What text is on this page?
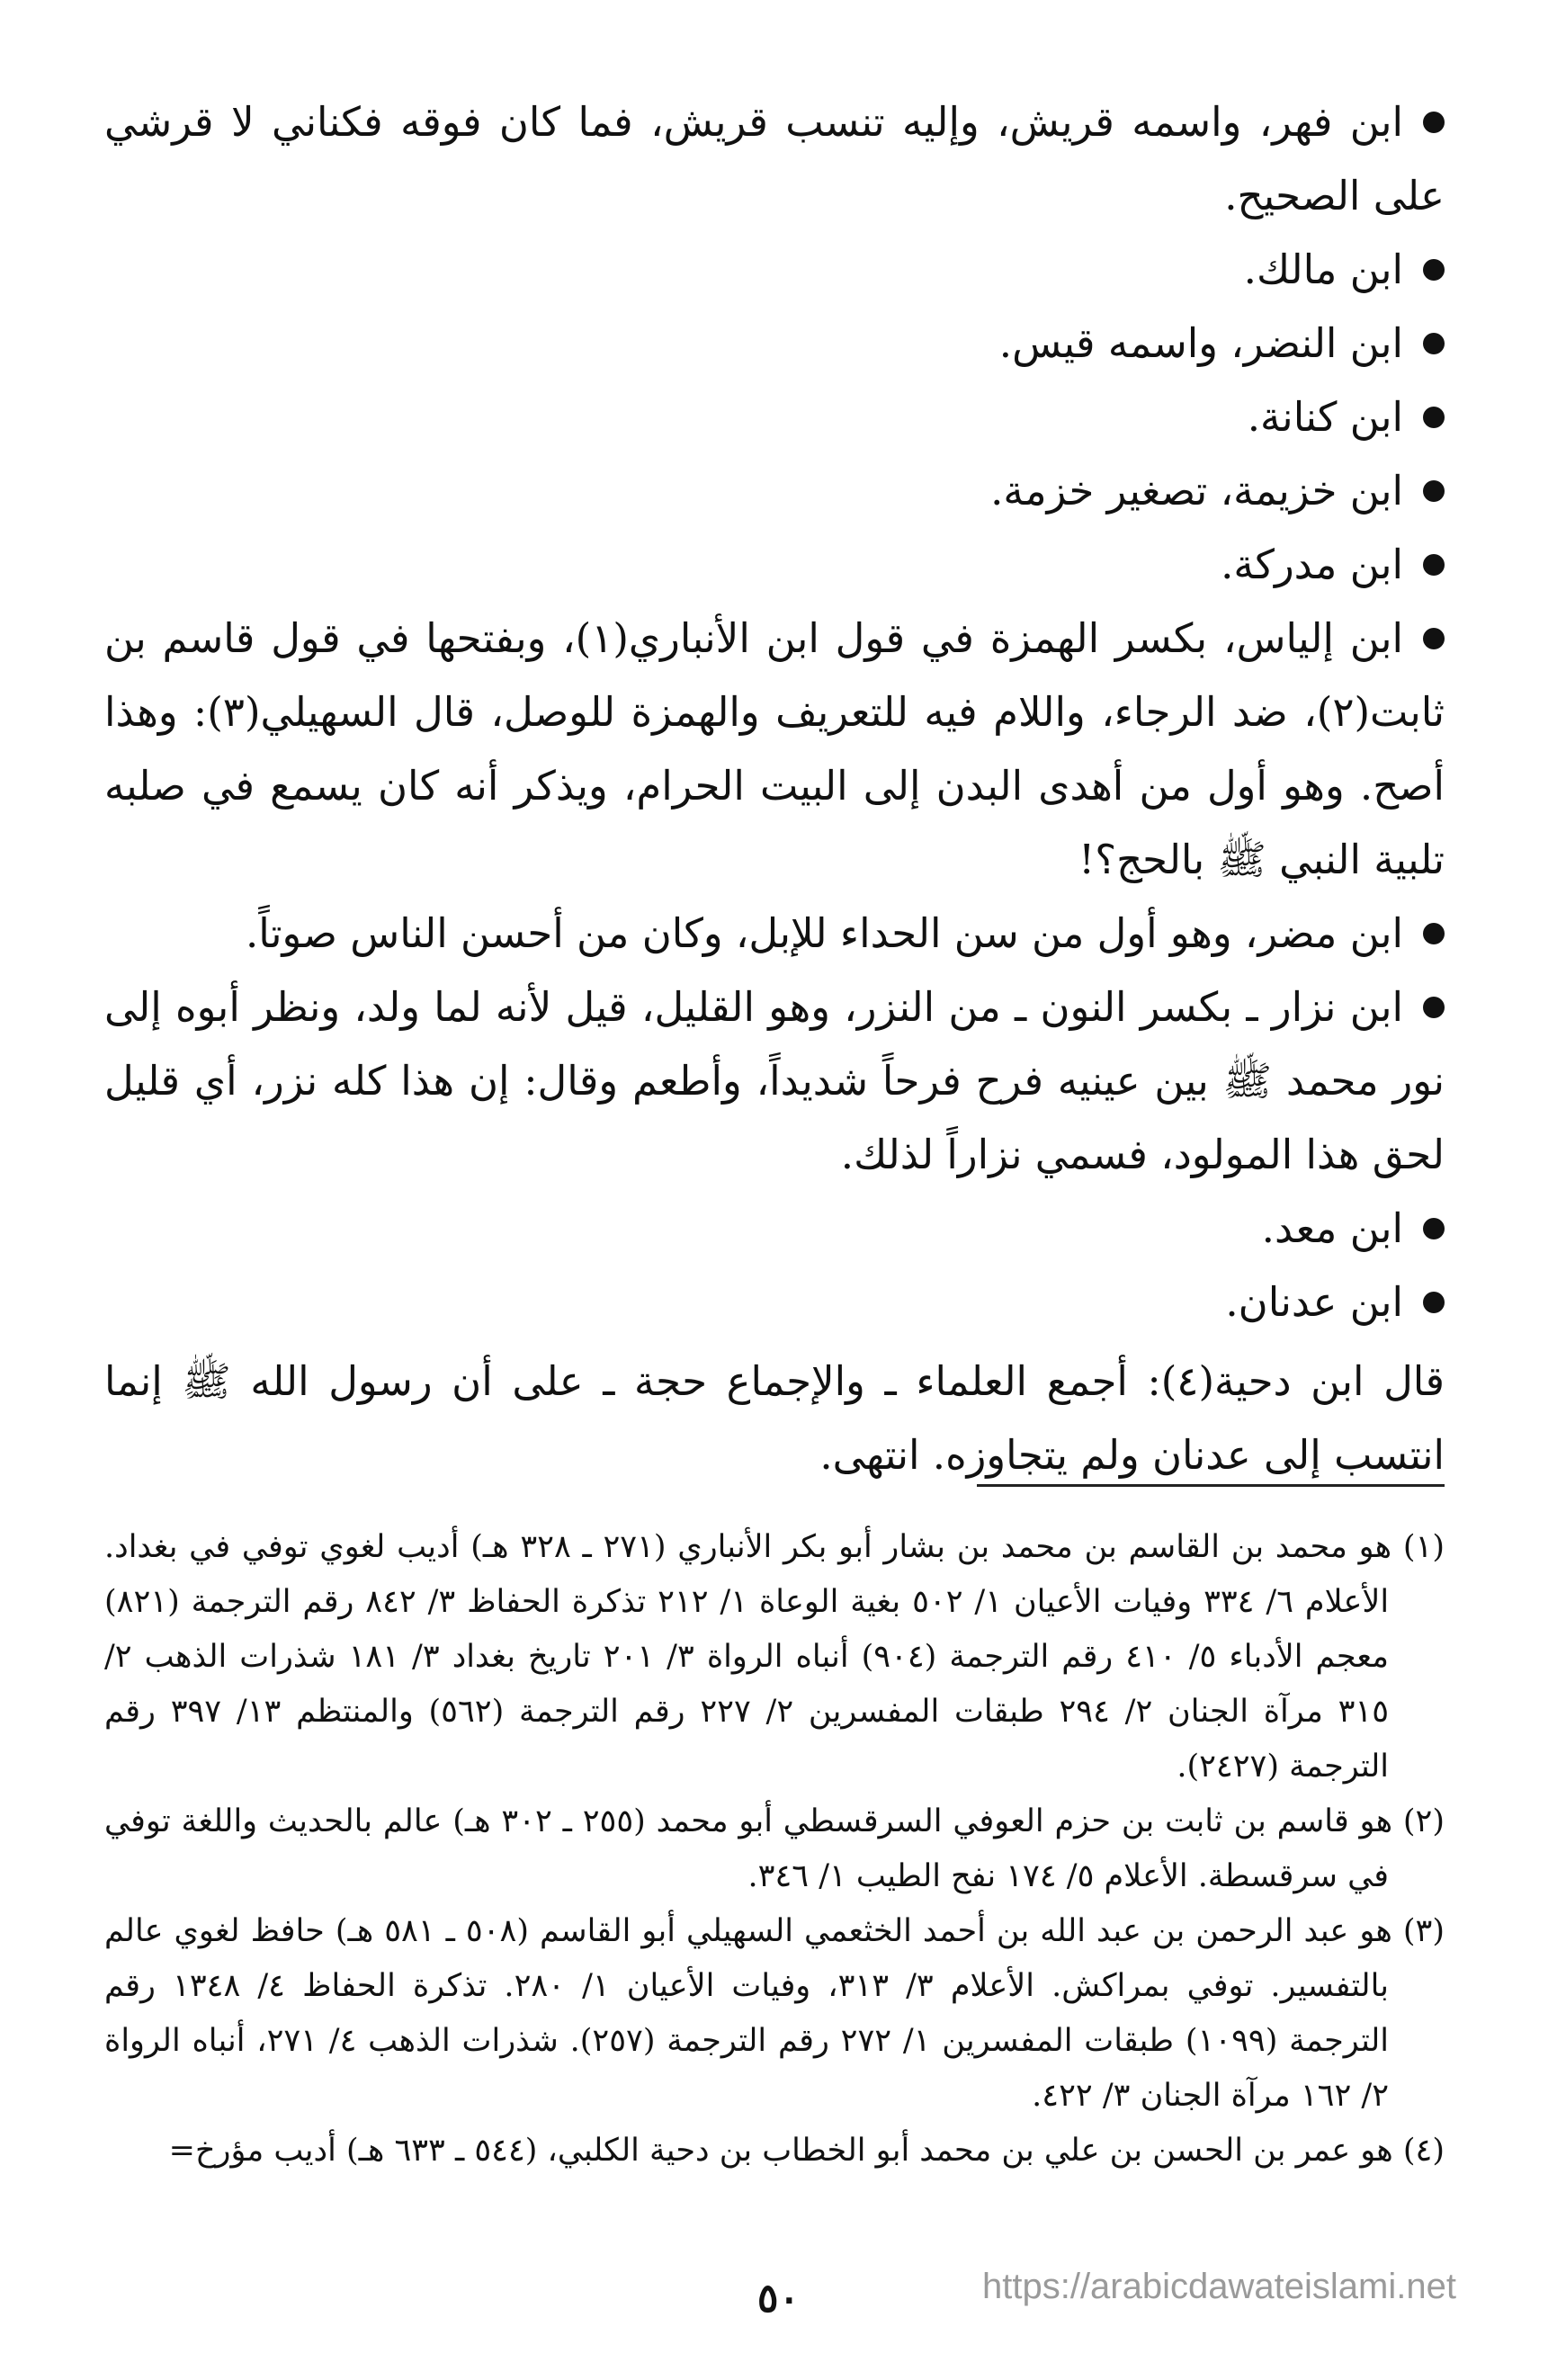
ابن فهر، واسمه قريش، وإليه تنسب قريش، فما كان فوقه فكناني لا قرشي على الصحيح.

ابن مالك.

ابن النضر، واسمه قيس.

ابن كنانة.

ابن خزيمة، تصغير خزمة.

ابن مدركة.

ابن إلياس، بكسر الهمزة في قول ابن الأنباري(١)، وبفتحها في قول قاسم بن ثابت(٢)، ضد الرجاء، واللام فيه للتعريف والهمزة للوصل، قال السهيلي(٣): وهذا أصح. وهو أول من أهدى البدن إلى البيت الحرام، ويذكر أنه كان يسمع في صلبه تلبية النبي ﷺ بالحج؟!

ابن مضر، وهو أول من سن الحداء للإبل، وكان من أحسن الناس صوتاً.

ابن نزار ـ بكسر النون ـ من النزر، وهو القليل، قيل لأنه لما ولد، ونظر أبوه إلى نور محمد ﷺ بين عينيه فرح فرحاً شديداً، وأطعم وقال: إن هذا كله نزر، أي قليل لحق هذا المولود، فسمي نزاراً لذلك.

ابن معد.

ابن عدنان.

قال ابن دحية(٤): أجمع العلماء ـ والإجماع حجة ـ على أن رسول الله ﷺ إنما انتسب إلى عدنان ولم يتجاوزه. انتهى.

(١) هو محمد بن القاسم بن محمد بن بشار أبو بكر الأنباري (٢٧١ ـ ٣٢٨ هـ) أديب لغوي توفي في بغداد. الأعلام ٦/ ٣٣٤ وفيات الأعيان ١/ ٥٠٢ بغية الوعاة ١/ ٢١٢ تذكرة الحفاظ ٣/ ٨٤٢ رقم الترجمة (٨٢١) معجم الأدباء ٥/ ٤١٠ رقم الترجمة (٩٠٤) أنباه الرواة ٣/ ٢٠١ تاريخ بغداد ٣/ ١٨١ شذرات الذهب ٢/ ٣١٥ مرآة الجنان ٢/ ٢٩٤ طبقات المفسرين ٢/ ٢٢٧ رقم الترجمة (٥٦٢) والمنتظم ١٣/ ٣٩٧ رقم الترجمة (٢٤٢٧).

(٢) هو قاسم بن ثابت بن حزم العوفي السرقسطي أبو محمد (٢٥٥ ـ ٣٠٢ هـ) عالم بالحديث واللغة توفي في سرقسطة. الأعلام ٥/ ١٧٤ نفح الطيب ١/ ٣٤٦.

(٣) هو عبد الرحمن بن عبد الله بن أحمد الخثعمي السهيلي أبو القاسم (٥٠٨ ـ ٥٨١ هـ) حافظ لغوي عالم بالتفسير. توفي بمراكش. الأعلام ٣/ ٣١٣، وفيات الأعيان ١/ ٢٨٠. تذكرة الحفاظ ٤/ ١٣٤٨ رقم الترجمة (١٠٩٩) طبقات المفسرين ١/ ٢٧٢ رقم الترجمة (٢٥٧). شذرات الذهب ٤/ ٢٧١، أنباه الرواة ٢/ ١٦٢ مرآة الجنان ٣/ ٤٢٢.

(٤) هو عمر بن الحسن بن علي بن محمد أبو الخطاب بن دحية الكلبي، (٥٤٤ ـ ٦٣٣ هـ) أديب مؤرخ=

٥٠	https://arabicdawateislami.net
